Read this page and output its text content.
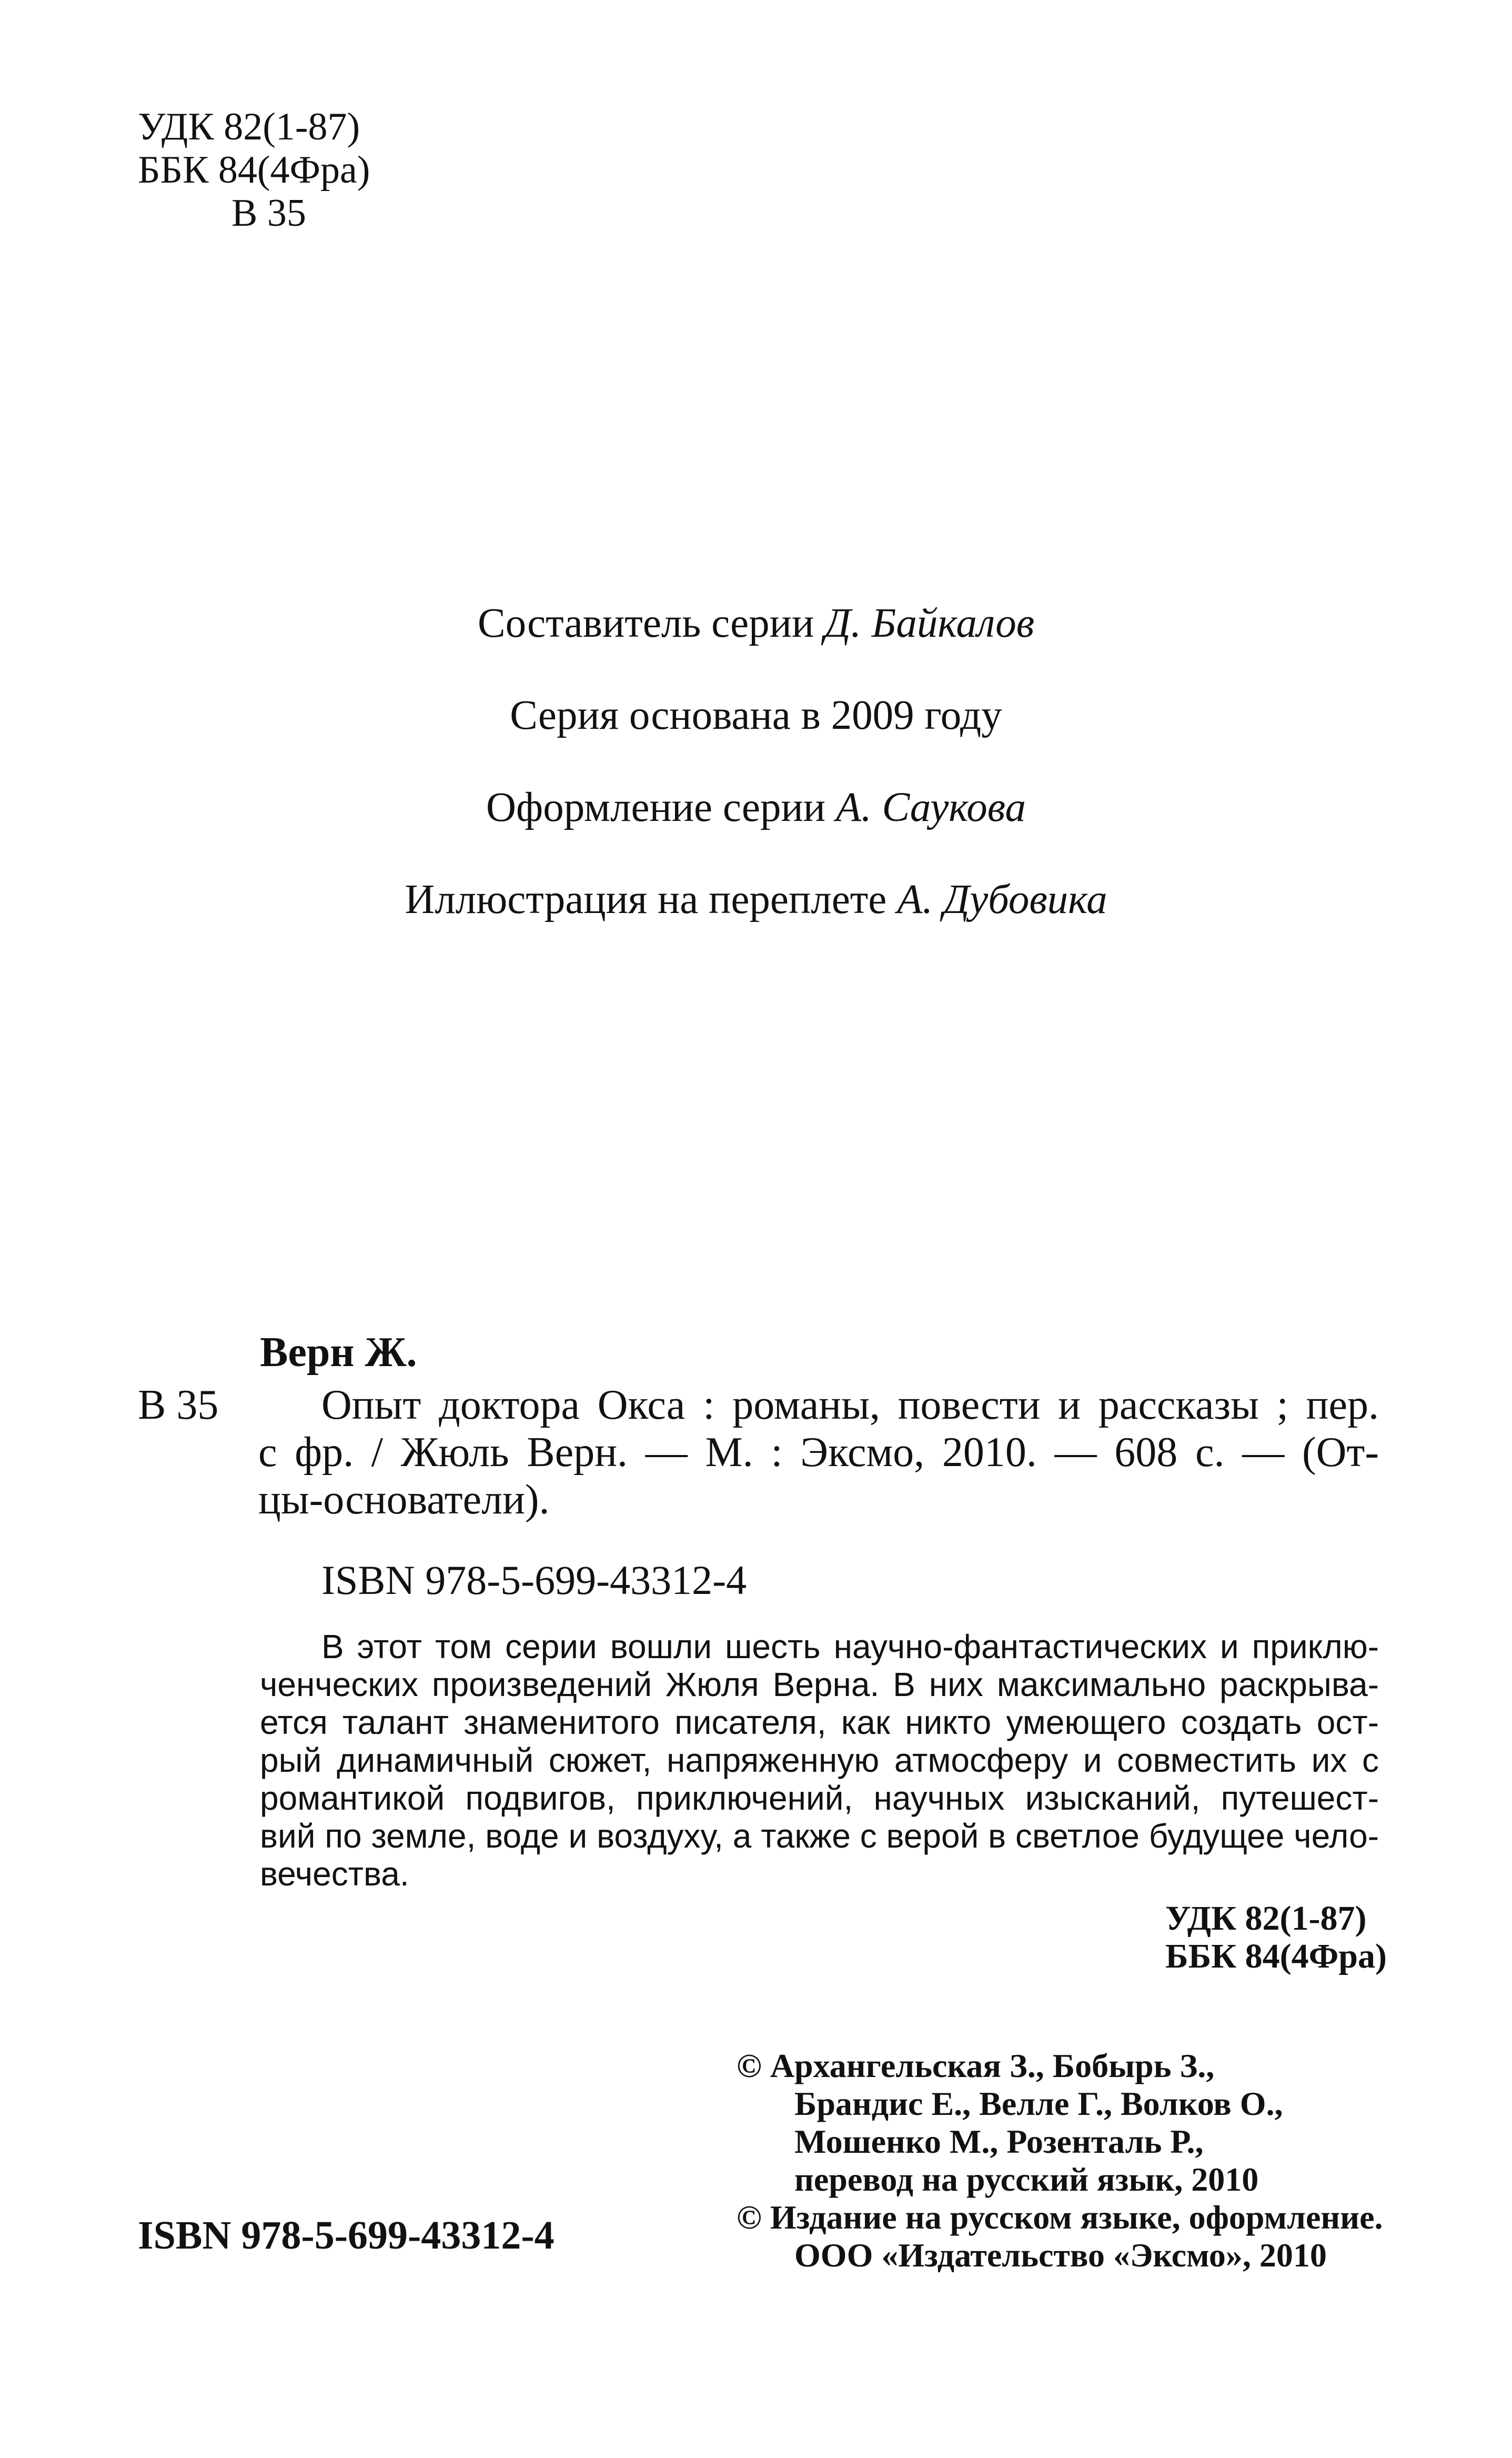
УДК 82(1-87)
ББК 84(4Фра)
В 35
Составитель серии Д. Байкалов
Серия основана в 2009 году
Оформление серии А. Саукова
Иллюстрация на переплете А. Дубовика
Верн Ж.
В 35 Опыт доктора Окса : романы, повести и рассказы ; пер.
с фр. / Жюль Верн. — М. : Эксмо, 2010. — 608 с. — (От-
цы-основатели).
ISBN 978-5-699-43312-4
В этот том серии вошли шесть научно-фантастических и приклю-
ченческих произведений Жюля Верна. В них максимально раскрыва-
ется талант знаменитого писателя, как никто умеющего создать ост-
рый динамичный сюжет, напряженную атмосферу и совместить их с
романтикой подвигов, приключений, научных изысканий, путешест-
вий по земле, воде и воздуху, а также с верой в светлое будущее чело-
вечества.
УДК 82(1-87)
ББК 84(4Фра)
© Архангельская З., Бобырь З.,
Брандис Е., Велле Г., Волков О.,
Мошенко М., Розенталь Р.,
перевод на русский язык, 2010
© Издание на русском языке, оформление.
ООО «Издательство «Эксмо», 2010
ISBN 978-5-699-43312-4
